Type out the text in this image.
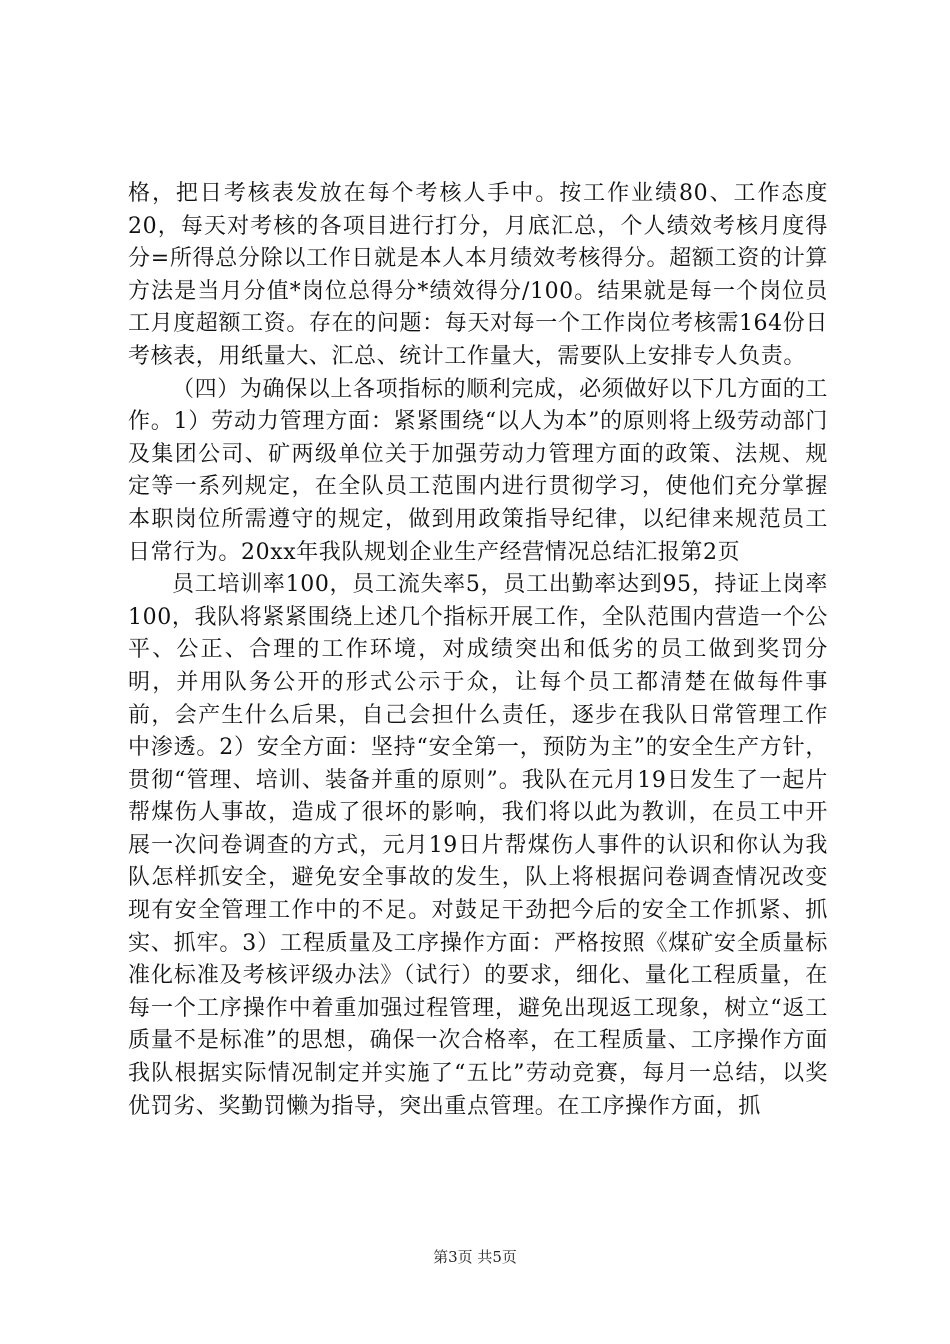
格，把日考核表发放在每个考核人手中。按工作业绩80、工作态度20，每天对考核的各项目进行打分，月底汇总，个人绩效考核月度得分=所得总分除以工作日就是本人本月绩效考核得分。超额工资的计算方法是当月分值*岗位总得分*绩效得分/100。结果就是每一个岗位员工月度超额工资。存在的问题：每天对每一个工作岗位考核需164份日考核表，用纸量大、汇总、统计工作量大，需要队上安排专人负责。

（四）为确保以上各项指标的顺利完成，必须做好以下几方面的工作。1）劳动力管理方面：紧紧围绕“以人为本”的原则将上级劳动部门及集团公司、矿两级单位关于加强劳动力管理方面的政策、法规、规定等一系列规定，在全队员工范围内进行贯彻学习，使他们充分掌握本职岗位所需遵守的规定，做到用政策指导纪律，以纪律来规范员工日常行为。20xx年我队规划企业生产经营情况总结汇报第2页

员工培训率100，员工流失率5，员工出勤率达到95，持证上岗率100，我队将紧紧围绕上述几个指标开展工作，全队范围内营造一个公平、公正、合理的工作环境，对成绩突出和低劣的员工做到奖罚分明，并用队务公开的形式公示于众，让每个员工都清楚在做每件事前，会产生什么后果，自己会担什么责任，逐步在我队日常管理工作中渗透。2）安全方面：坚持“安全第一，预防为主”的安全生产方针，贯彻“管理、培训、装备并重的原则”。我队在元月19日发生了一起片帮煤伤人事故，造成了很坏的影响，我们将以此为教训，在员工中开展一次问卷调查的方式，元月19日片帮煤伤人事件的认识和你认为我队怎样抓安全，避免安全事故的发生，队上将根据问卷调查情况改变现有安全管理工作中的不足。对鼓足干劲把今后的安全工作抓紧、抓实、抓牢。3）工程质量及工序操作方面：严格按照《煤矿安全质量标准化标准及考核评级办法》（试行）的要求，细化、量化工程质量，在每一个工序操作中着重加强过程管理，避免出现返工现象，树立“返工质量不是标准”的思想，确保一次合格率，在工程质量、工序操作方面我队根据实际情况制定并实施了“五比”劳动竞赛，每月一总结，以奖优罚劣、奖勤罚懒为指导，突出重点管理。在工序操作方面，抓

第3页 共5页
